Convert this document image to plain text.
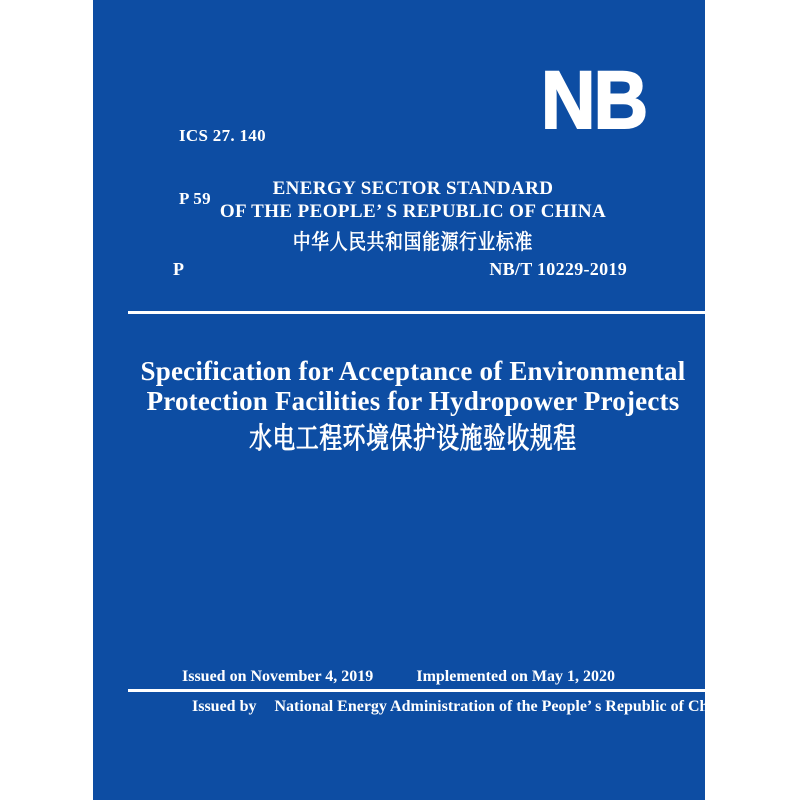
ICS 27. 140

P 59

NB
ENERGY SECTOR STANDARD
OF THE PEOPLE’ S REPUBLIC OF CHINA
中华人民共和国能源行业标准
P	NB/T 10229-2019
Specification for Acceptance of Environmental
Protection Facilities for Hydropower Projects
水电工程环境保护设施验收规程
Issued on November 4, 2019	Implemented on May 1, 2020
Issued by National Energy Administration of the People’ s Republic of China
